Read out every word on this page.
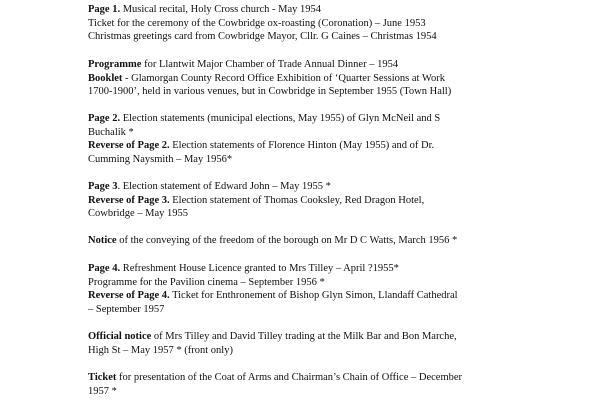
Page 1. Musical recital, Holy Cross church - May 1954
Ticket for the ceremony of the Cowbridge ox-roasting (Coronation) – June 1953
Christmas greetings card from Cowbridge Mayor, Cllr. G Caines – Christmas 1954
Programme for Llantwit Major Chamber of Trade Annual Dinner – 1954
Booklet - Glamorgan County Record Office Exhibition of ‘Quarter Sessions at Work
1700-1900’, held in various venues, but in Cowbridge in September 1955 (Town Hall)
Page 2. Election statements (municipal elections, May 1955) of Glyn McNeil and S
Buchalik *
Reverse of Page 2. Election statements of Florence Hinton (May 1955) and of Dr.
Cumming Naysmith – May 1956*
Page 3. Election statement of Edward John – May 1955 *
Reverse of Page 3. Election statement of Thomas Cooksley, Red Dragon Hotel,
Cowbridge – May 1955
Notice of the conveying of the freedom of the borough on Mr D C Watts, March 1956 *
Page 4. Refreshment House Licence granted to Mrs Tilley – April ?1955*
Programme for the Pavilion cinema – September 1956 *
Reverse of Page 4. Ticket for Enthronement of Bishop Glyn Simon, Llandaff Cathedral
– September 1957
Official notice of Mrs Tilley and David Tilley trading at the Milk Bar and Bon Marche,
High St – May 1957 * (front only)
Ticket for presentation of the Coat of Arms and Chairman’s Chain of Office – December
1957 *
